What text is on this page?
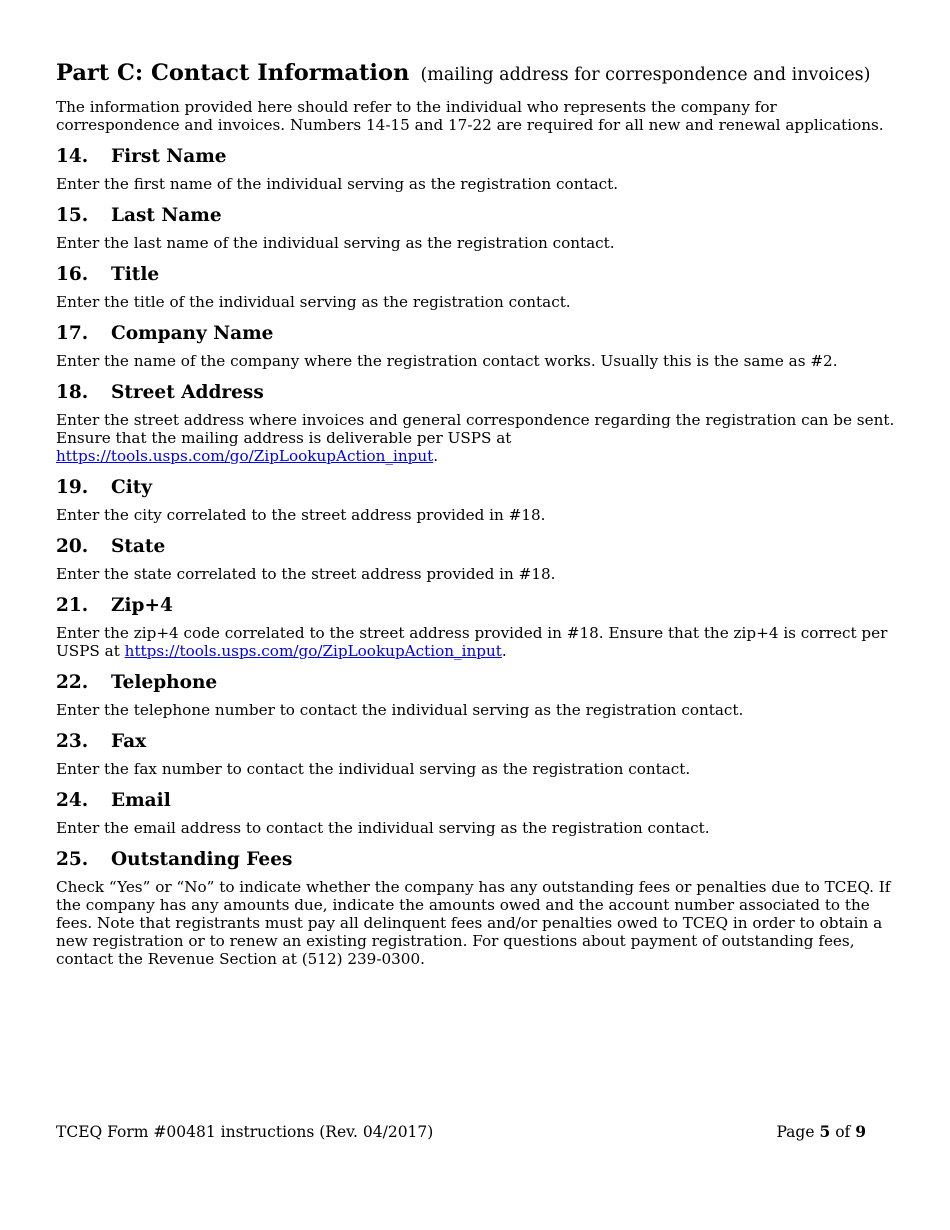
Part C: Contact Information (mailing address for correspondence and invoices)

The information provided here should refer to the individual who represents the company for correspondence and invoices. Numbers 14-15 and 17-22 are required for all new and renewal applications.

14.	First Name

Enter the first name of the individual serving as the registration contact.

15.	Last Name

Enter the last name of the individual serving as the registration contact.

16.	Title

Enter the title of the individual serving as the registration contact.

17.	Company Name

Enter the name of the company where the registration contact works. Usually this is the same as #2.

18.	Street Address

Enter the street address where invoices and general correspondence regarding the registration can be sent. Ensure that the mailing address is deliverable per USPS at https://tools.usps.com/go/ZipLookupAction_input.

19.	City

Enter the city correlated to the street address provided in #18.

20.	State

Enter the state correlated to the street address provided in #18.

21.	Zip+4

Enter the zip+4 code correlated to the street address provided in #18. Ensure that the zip+4 is correct per USPS at https://tools.usps.com/go/ZipLookupAction_input.

22.	Telephone

Enter the telephone number to contact the individual serving as the registration contact.

23.	Fax

Enter the fax number to contact the individual serving as the registration contact.

24.	Email

Enter the email address to contact the individual serving as the registration contact.

25.	Outstanding Fees

Check “Yes” or “No” to indicate whether the company has any outstanding fees or penalties due to TCEQ. If the company has any amounts due, indicate the amounts owed and the account number associated to the fees. Note that registrants must pay all delinquent fees and/or penalties owed to TCEQ in order to obtain a new registration or to renew an existing registration. For questions about payment of outstanding fees, contact the Revenue Section at (512) 239-0300.

TCEQ Form #00481 instructions (Rev. 04/2017)	Page 5 of 9
